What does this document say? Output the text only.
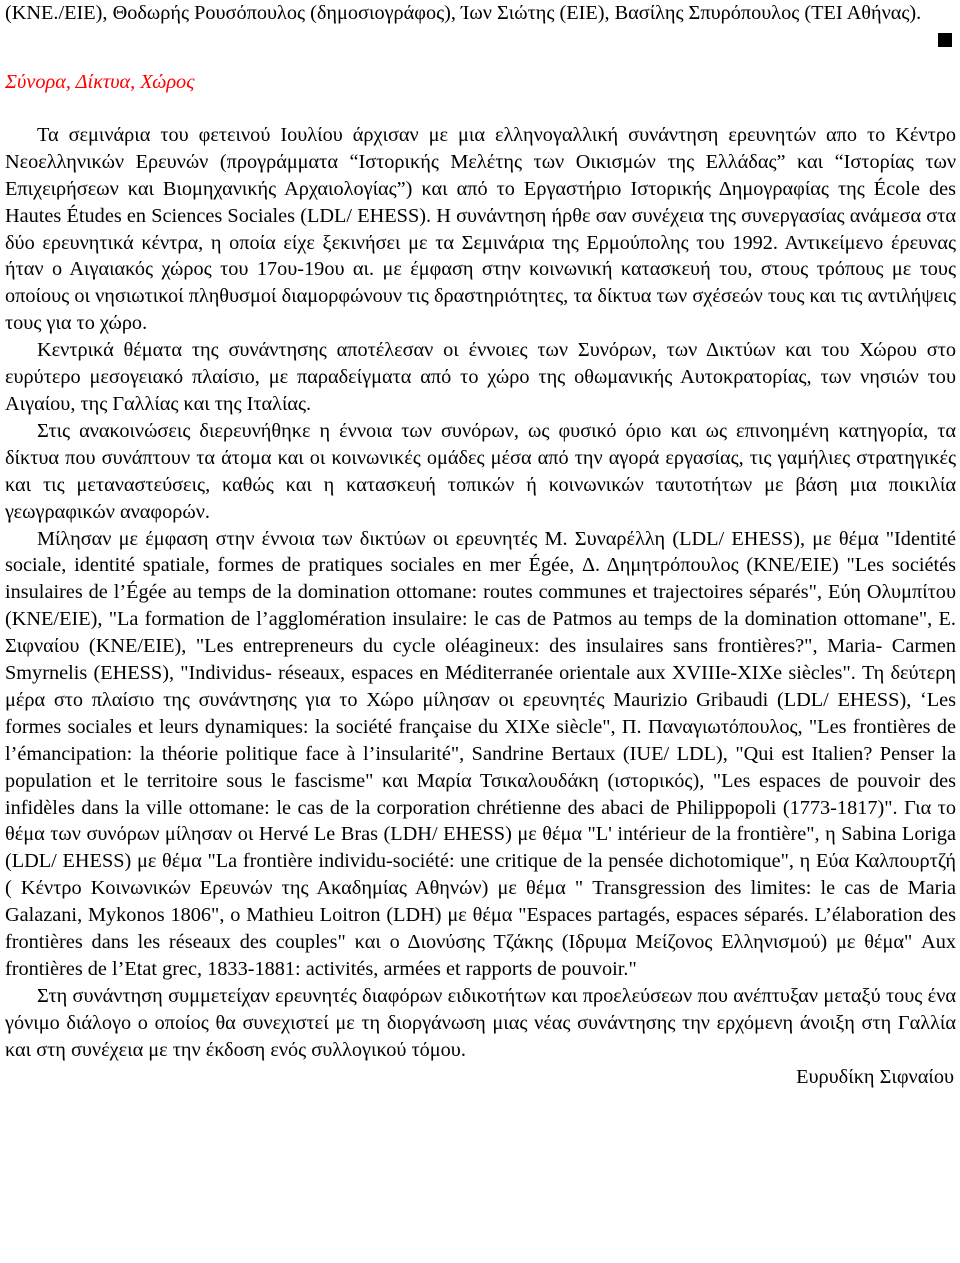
(ΚΝΕ./ΕΙΕ), Θοδωρής Ρουσόπουλος (δημοσιογράφος), Ίων Σιώτης (ΕΙΕ), Βασίλης Σπυρόπουλος (ΤΕΙ Αθήνας).

Σύνορα, Δίκτυα, Χώρος

Τα σεμινάρια του φετεινού Ιουλίου άρχισαν με μια ελληνογαλλική συνάντηση ερευνητών απο το Κέντρο Νεοελληνικών Ερευνών (προγράμματα “Ιστορικής Μελέτης των Οικισμών της Ελλάδας” και “Ιστορίας των Επιχειρήσεων και Βιομηχανικής Αρχαιολογίας”) και από το Εργαστήριο Ιστορικής Δημογραφίας της École des Hautes Études en Sciences Sociales (LDL/ EHESS). Η συνάντηση ήρθε σαν συνέχεια της συνεργασίας ανάμεσα στα δύο ερευνητικά κέντρα, η οποία είχε ξεκινήσει με τα Σεμινάρια της Ερμούπολης του 1992. Αντικείμενο έρευνας ήταν ο Αιγαιακός χώρος του 17ου-19ου αι. με έμφαση στην κοινωνική κατασκευή του, στους τρόπους με τους οποίους οι νησιωτικοί πληθυσμοί διαμορφώνουν τις δραστηριότητες, τα δίκτυα των σχέσεών τους και τις αντιλήψεις τους για το χώρο.

Κεντρικά θέματα της συνάντησης αποτέλεσαν οι έννοιες των Συνόρων, των Δικτύων και του Χώρου στο ευρύτερο μεσογειακό πλαίσιο, με παραδείγματα από το χώρο της οθωμανικής Αυτοκρατορίας, των νησιών του Αιγαίου, της Γαλλίας και της Ιταλίας.

Στις ανακοινώσεις διερευνήθηκε η έννοια των συνόρων, ως φυσικό όριο και ως επινοημένη κατηγορία, τα δίκτυα που συνάπτουν τα άτομα και οι κοινωνικές ομάδες μέσα από την αγορά εργασίας, τις γαμήλιες στρατηγικές και τις μεταναστεύσεις, καθώς και η κατασκευή τοπικών ή κοινωνικών ταυτοτήτων με βάση μια ποικιλία γεωγραφικών αναφορών.

Μίλησαν με έμφαση στην έννοια των δικτύων οι ερευνητές Μ. Συναρέλλη (LDL/ EHESS), με θέμα "Identité sociale, identité spatiale, formes de pratiques sociales en mer Égée, Δ. Δημητρόπουλος (ΚΝΕ/ΕΙΕ) "Les sociétés insulaires de l’Égée au temps de la domination ottomane: routes communes et trajectoires séparés", Εύη Ολυμπίτου (ΚΝΕ/ΕΙΕ), "La formation de l’agglomération insulaire: le cas de Patmos au temps de la domination ottomane", Ε. Σιφναίου (ΚΝΕ/ΕΙΕ), "Les entrepreneurs du cycle oléagineux: des insulaires sans frontières?", Maria- Carmen Smyrnelis (EHESS), "Individus- réseaux, espaces en Méditerranée orientale aux XVIIIe-XIXe siècles". Τη δεύτερη μέρα στο πλαίσιο της συνάντησης για το Χώρο μίλησαν οι ερευνητές Maurizio Gribaudi (LDL/ EHESS), ‘Les formes sociales et leurs dynamiques: la société française du XIXe siècle", Π. Παναγιωτόπουλος, "Les frontières de l’émancipation: la théorie politique face à l’insularité", Sandrine Bertaux (IUE/ LDL), "Qui est Italien? Penser la population et le territoire sous le fascisme" και Μαρία Τσικαλουδάκη (ιστορικός), "Les espaces de pouvoir des infidèles dans la ville ottomane: le cas de la corporation chrétienne des abaci de Philippopoli (1773-1817)". Για το θέμα των συνόρων μίλησαν οι Hervé Le Bras (LDH/ EHESS) με θέμα "L' intérieur de la frontière", η Sabina Loriga (LDL/ EHESS) με θέμα "La frontière individu-société: une critique de la pensée dichotomique", η Εύα Καλπουρτζή ( Κέντρο Κοινωνικών Ερευνών της Ακαδημίας Αθηνών) με θέμα " Transgression des limites: le cas de Maria Galazani, Mykonos 1806", ο Mathieu Loitron (LDH) με θέμα "Espaces partagés, espaces séparés. L’élaboration des frontières dans les réseaux des couples" και ο Διονύσης Τζάκης (Ιδρυμα Μείζονος Ελληνισμού) με θέμα" Aux frontières de l’Etat grec, 1833-1881: activités, armées et rapports de pouvoir."

Στη συνάντηση συμμετείχαν ερευνητές διαφόρων ειδικοτήτων και προελεύσεων που ανέπτυξαν μεταξύ τους ένα γόνιμο διάλογο ο οποίος θα συνεχιστεί με τη διοργάνωση μιας νέας συνάντησης την ερχόμενη άνοιξη στη Γαλλία και στη συνέχεια με την έκδοση ενός συλλογικού τόμου.

Ευρυδίκη Σιφναίου
